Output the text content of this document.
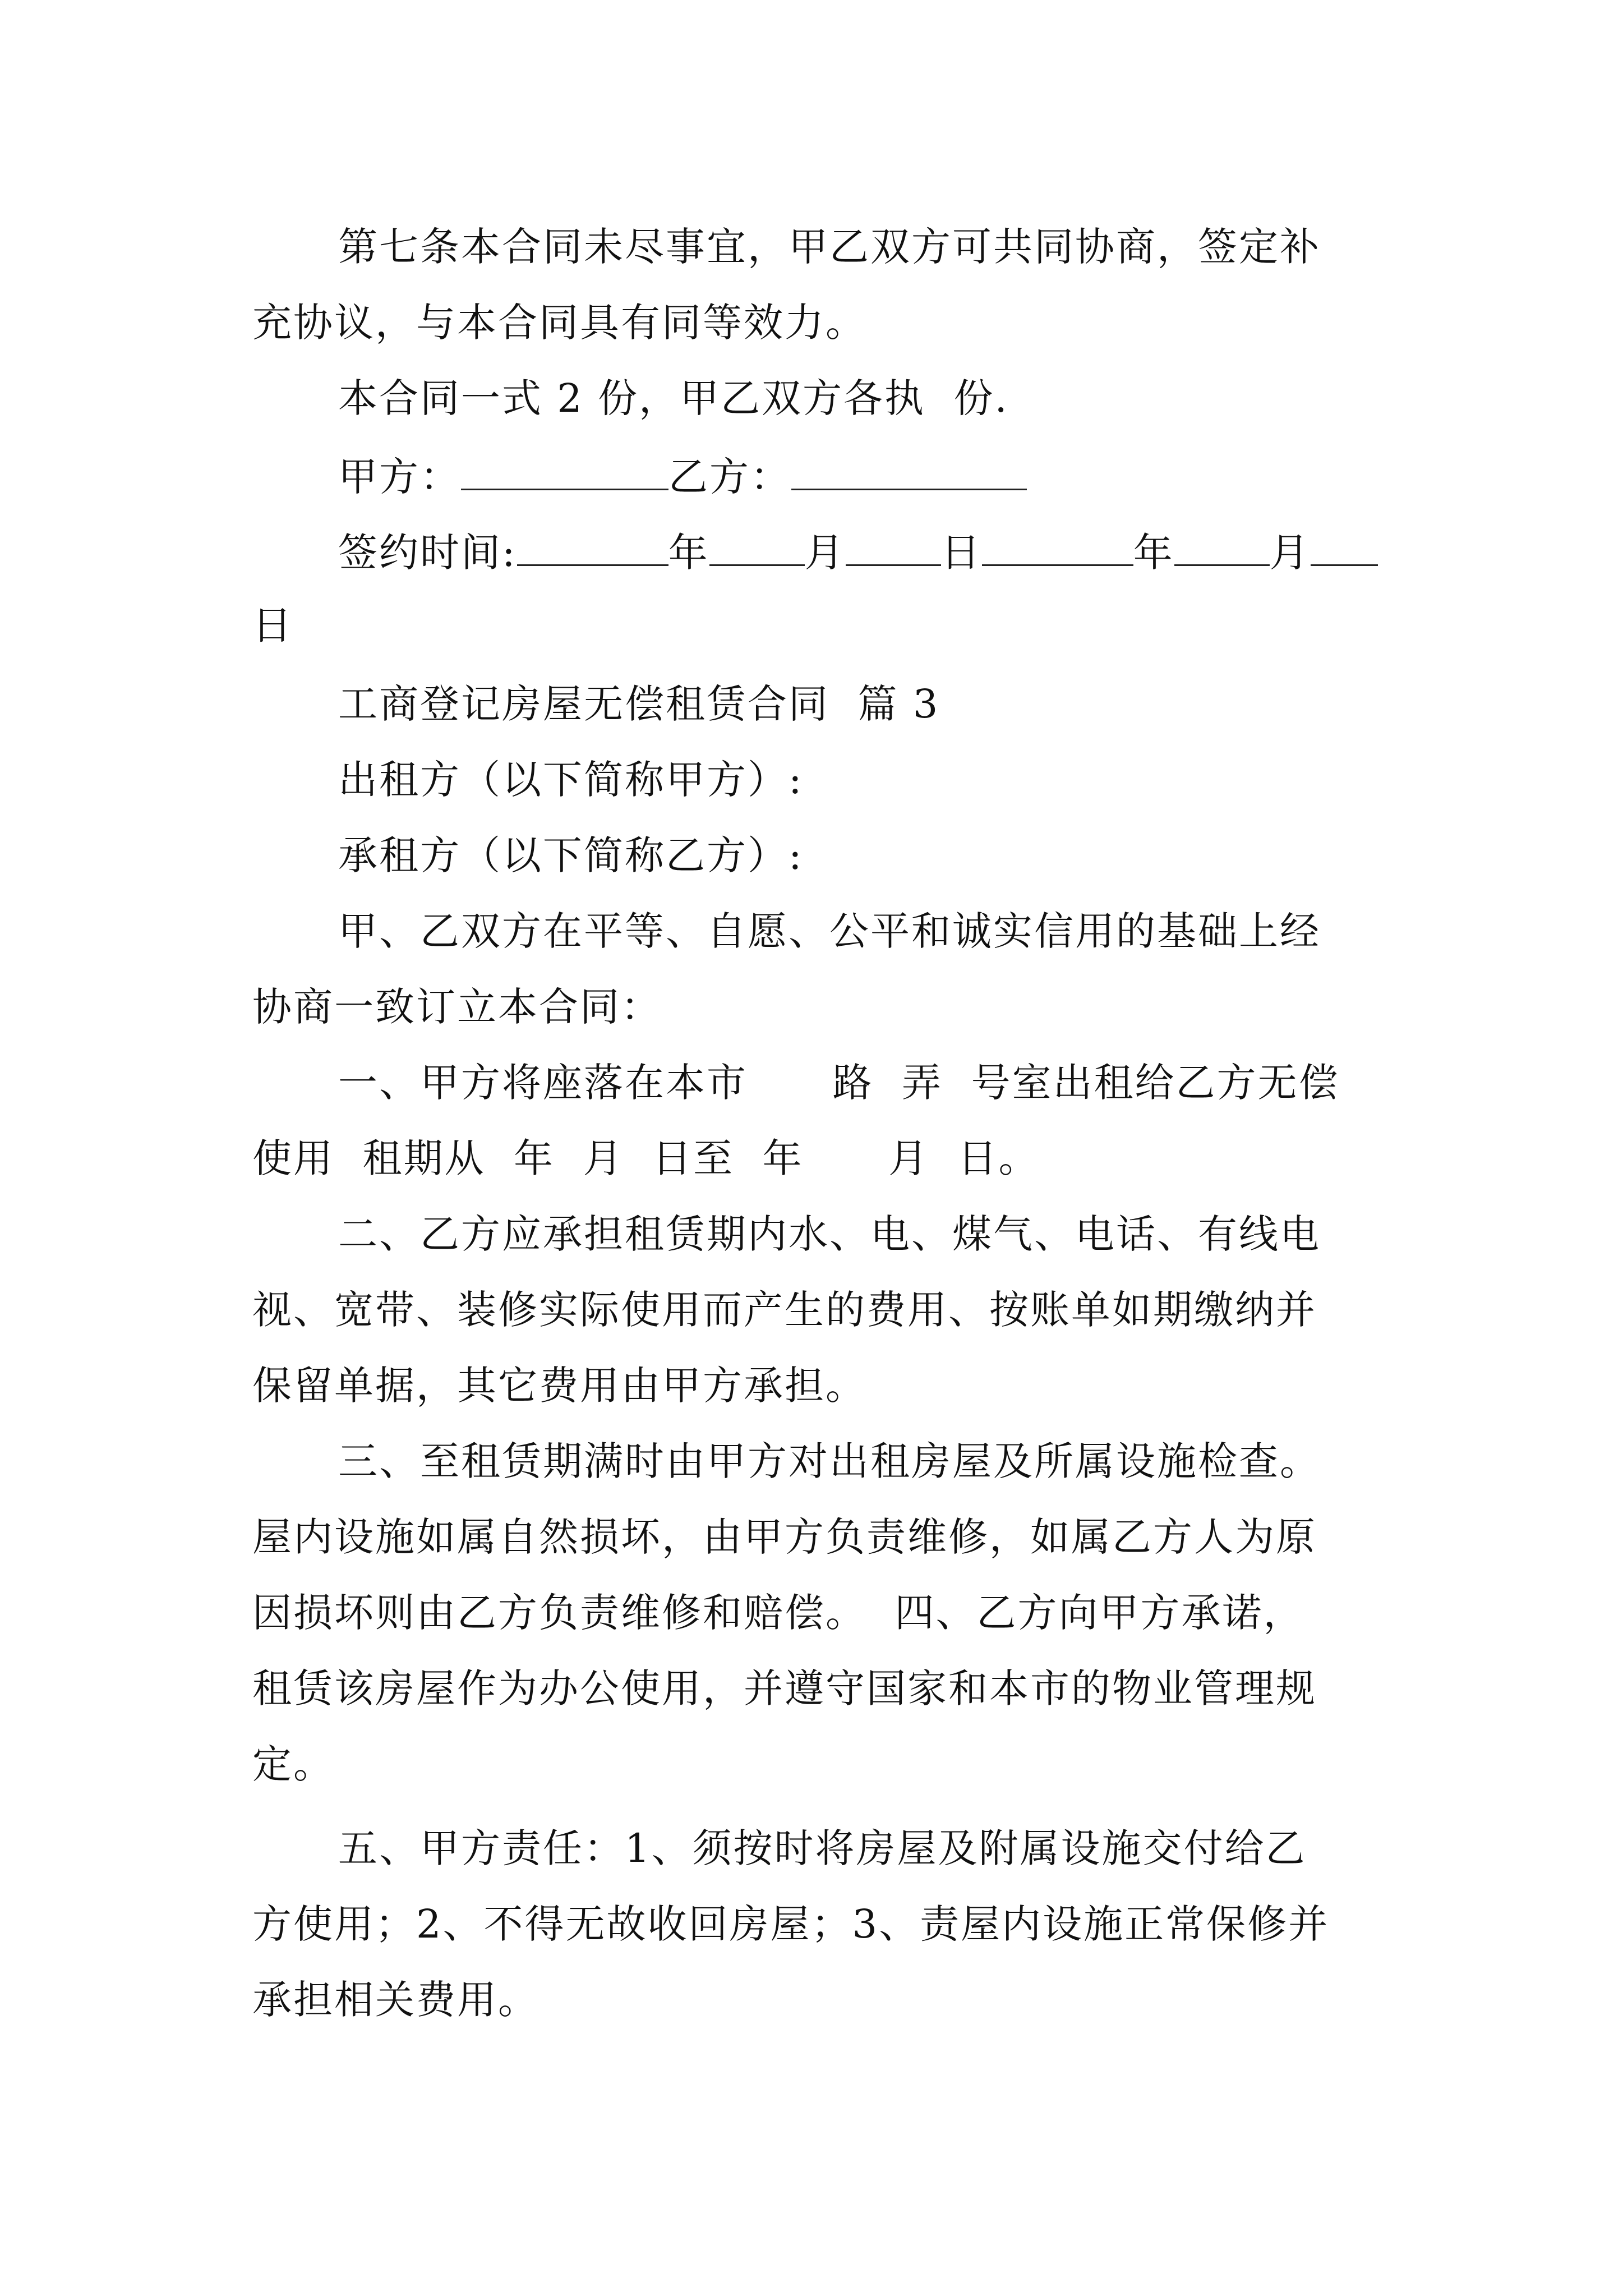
第七条本合同未尽事宜，甲乙双方可共同协商，签定补
充协议，与本合同具有同等效力。
本合同一式 2 份，甲乙双方各执  份.
甲方：	乙方：
签约时间:	年 月 日	年 月
日
工商登记房屋无偿租赁合同  篇 3
出租方（以下简称甲方）:
承租方（以下简称乙方）:
甲、乙双方在平等、自愿、公平和诚实信用的基础上经
协商一致订立本合同：
一、甲方将座落在本市      路  弄  号室出租给乙方无偿
使用  租期从  年  月  日至  年      月  日。
二、乙方应承担租赁期内水、电、煤气、电话、有线电
视、宽带、装修实际使用而产生的费用、按账单如期缴纳并
保留单据，其它费用由甲方承担。
三、至租赁期满时由甲方对出租房屋及所属设施检查。
屋内设施如属自然损坏，由甲方负责维修，如属乙方人为原
因损坏则由乙方负责维修和赔偿。  四、乙方向甲方承诺，
租赁该房屋作为办公使用，并遵守国家和本市的物业管理规
定。
五、甲方责任：1、须按时将房屋及附属设施交付给乙
方使用；2、不得无故收回房屋；3、责屋内设施正常保修并
承担相关费用。
